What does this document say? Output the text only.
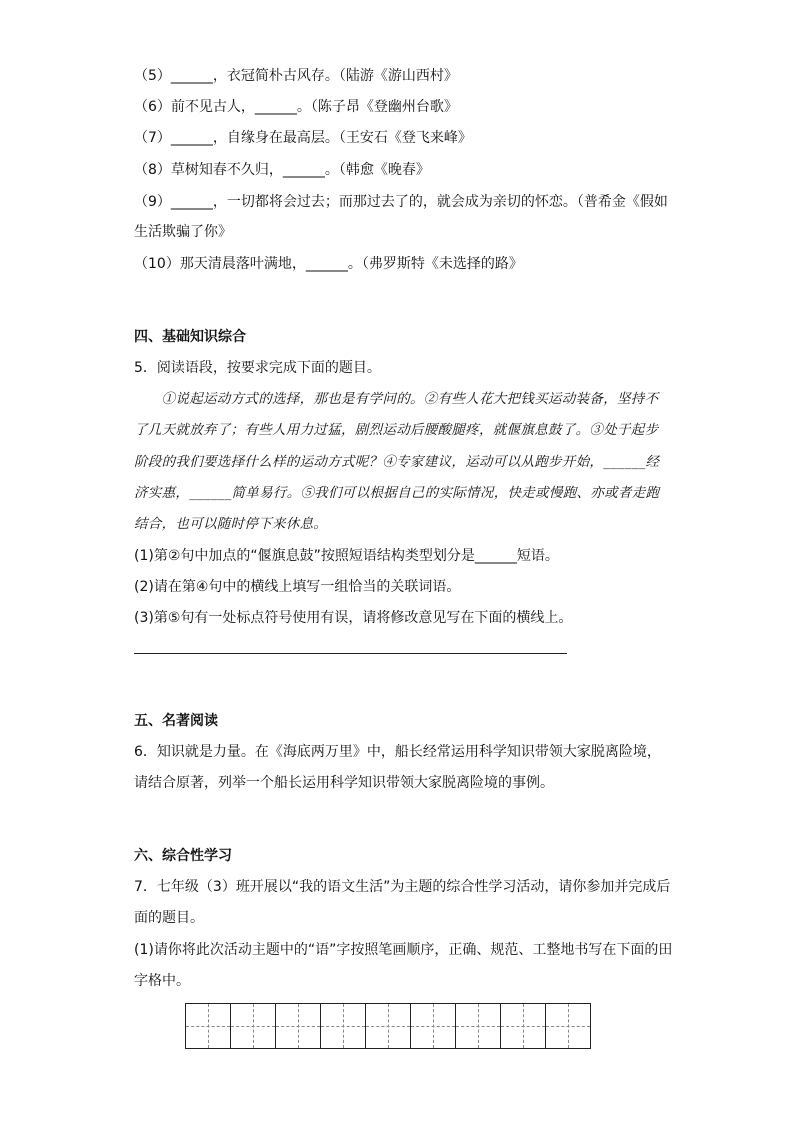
（5）______，衣冠简朴古风存。（陆游《游山西村》
（6）前不见古人，______。（陈子昂《登幽州台歌》
（7）______，自缘身在最高层。（王安石《登飞来峰》
（8）草树知春不久归，______。（韩愈《晚春》
（9）______，一切都将会过去；而那过去了的，就会成为亲切的怀恋。（普希金《假如
生活欺骗了你》
（10）那天清晨落叶满地，______。（弗罗斯特《未选择的路》
四、基础知识综合
5．阅读语段，按要求完成下面的题目。
　　①说起运动方式的选择，那也是有学问的。②有些人花大把钱买运动装备，坚持不
了几天就放弃了；有些人用力过猛，剧烈运动后腰酸腿疼，就偃旗息鼓了。③处于起步
阶段的我们要选择什么样的运动方式呢？④专家建议，运动可以从跑步开始，______经
济实惠，______简单易行。⑤我们可以根据自己的实际情况，快走或慢跑、亦或者走跑
结合，也可以随时停下来休息。
(1)第②句中加点的“偃旗息鼓”按照短语结构类型划分是______短语。
(2)请在第④句中的横线上填写一组恰当的关联词语。
(3)第⑤句有一处标点符号使用有误，请将修改意见写在下面的横线上。
五、名著阅读
6．知识就是力量。在《海底两万里》中，船长经常运用科学知识带领大家脱离险境，
请结合原著，列举一个船长运用科学知识带领大家脱离险境的事例。
六、综合性学习
7．七年级（3）班开展以“我的语文生活”为主题的综合性学习活动，请你参加并完成后
面的题目。
(1)请你将此次活动主题中的“语”字按照笔画顺序，正确、规范、工整地书写在下面的田
字格中。
